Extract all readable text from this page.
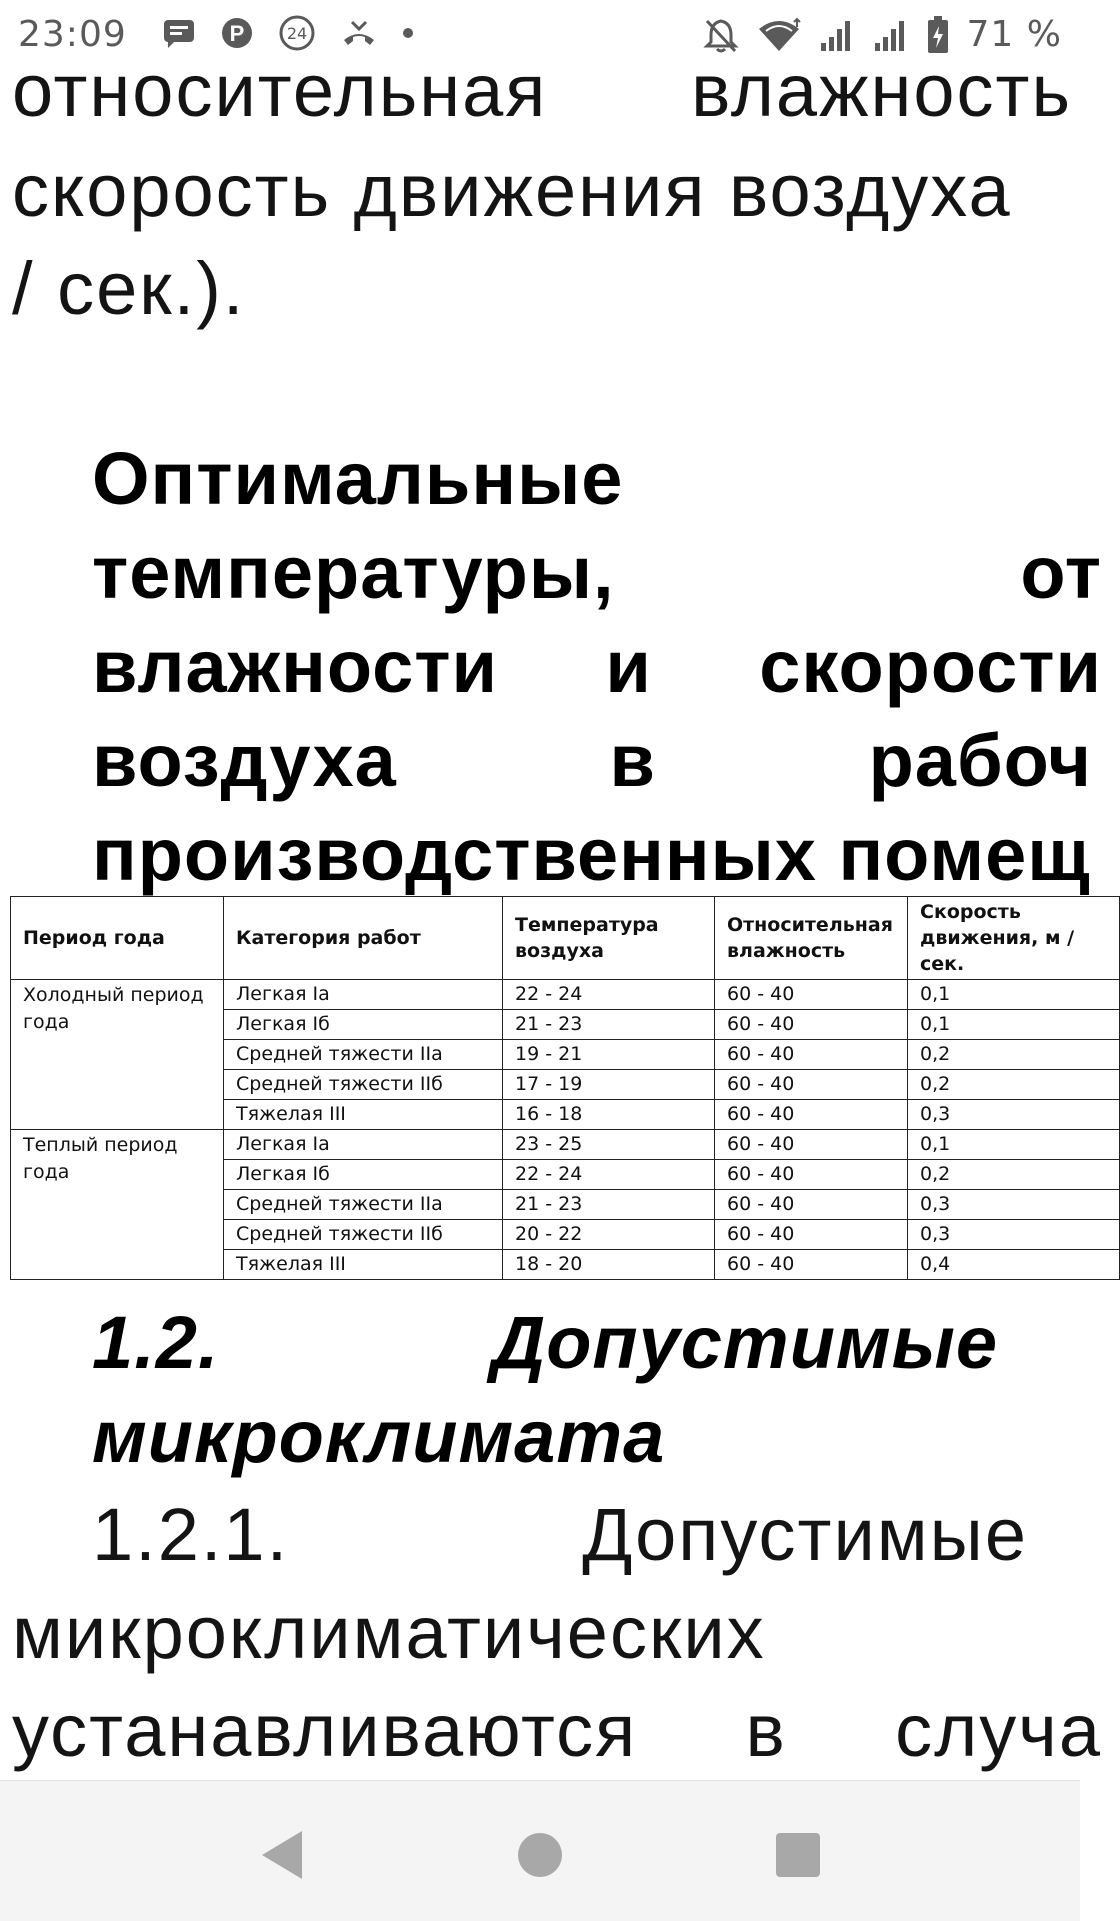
23:09	P	24	71 %
относительная влажность
скорость движения воздуха
/ сек.).
Оптимальные
температуры,	от
влажности и скорости
воздуха	в	рабоч
производственных помещ
Период года	Категория работ	Температура воздуха	Относительная влажность	Скорость движения, м / сек.
Холодный период года	Легкая Ia	22 - 24	60 - 40	0,1
	Легкая Iб	21 - 23	60 - 40	0,1
	Средней тяжести IIa	19 - 21	60 - 40	0,2
	Средней тяжести IIб	17 - 19	60 - 40	0,2
	Тяжелая III	16 - 18	60 - 40	0,3
Теплый период года	Легкая Ia	23 - 25	60 - 40	0,1
	Легкая Iб	22 - 24	60 - 40	0,2
	Средней тяжести IIa	21 - 23	60 - 40	0,3
	Средней тяжести IIб	20 - 22	60 - 40	0,3
	Тяжелая III	18 - 20	60 - 40	0,4
1.2.	Допустимые
микроклимата
1.2.1.	Допустимые
микроклиматических
устанавливаются в случа
